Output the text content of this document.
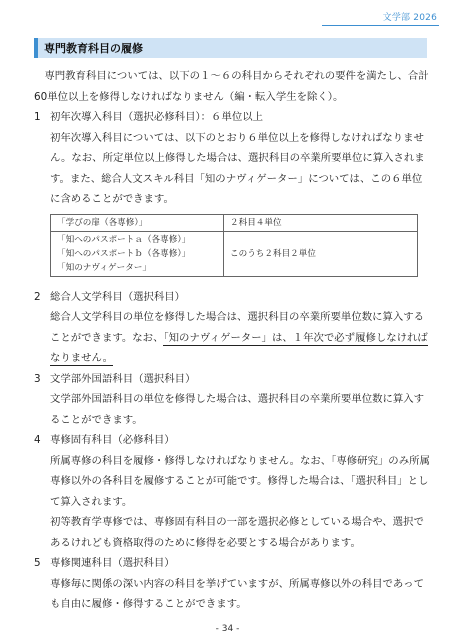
文学部 2026
専門教育科目の履修

専門教育科目については、以下の１～６の科目からそれぞれの要件を満たし、合計60単位以上を修得しなければなりません（編・転入学生を除く）。

1 初年次導入科目（選択必修科目）：６単位以上

初年次導入科目については、以下のとおり６単位以上を修得しなければなりません。なお、所定単位以上修得した場合は、選択科目の卒業所要単位に算入されます。また、総合人文スキル科目「知のナヴィゲーター」については、この６単位に含めることができます。

「学びの扉（各専修）」	２科目４単位

「知へのパスポートａ（各専修）」
「知へのパスポートｂ（各専修）」
「知のナヴィゲーター」	このうち２科目２単位

2 総合人文学科目（選択科目）

総合人文学科目の単位を修得した場合は、選択科目の卒業所要単位数に算入することができます。なお、「知のナヴィゲーター」は、１年次で必ず履修しなければなりません。

3 文学部外国語科目（選択科目）

文学部外国語科目の単位を修得した場合は、選択科目の卒業所要単位数に算入することができます。

4 専修固有科目（必修科目）

所属専修の科目を履修・修得しなければなりません。なお、「専修研究」のみ所属専修以外の各科目を履修することが可能です。修得した場合は、「選択科目」として算入されます。

初等教育学専修では、専修固有科目の一部を選択必修としている場合や、選択であるけれども資格取得のために修得を必要とする場合があります。

5 専修関連科目（選択科目）

専修毎に関係の深い内容の科目を挙げていますが、所属専修以外の科目であっても自由に履修・修得することができます。

- 34 -
